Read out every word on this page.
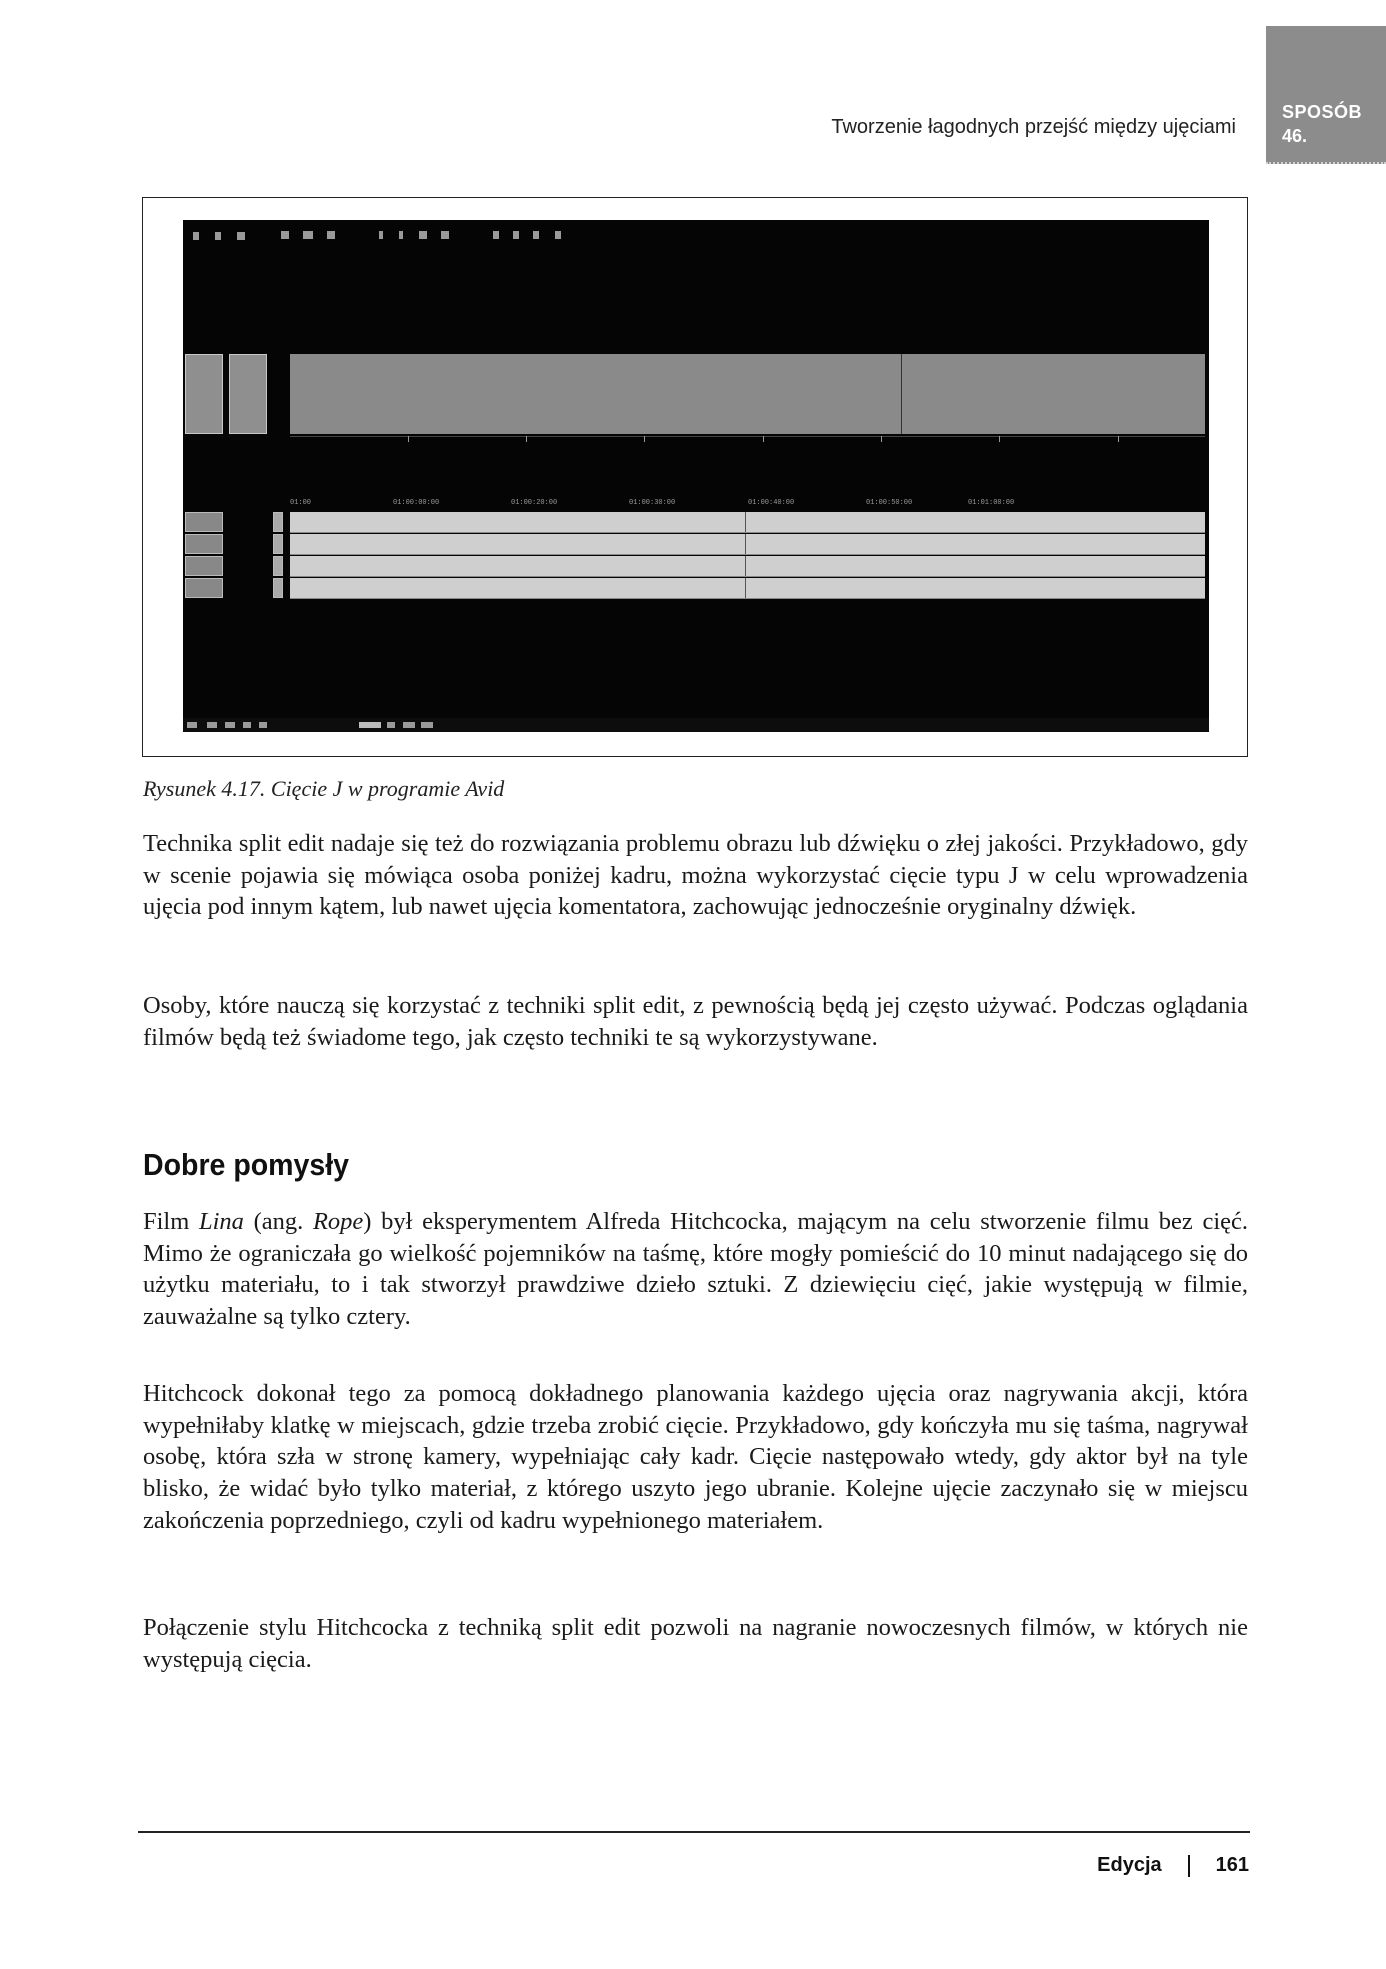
Tworzenie łagodnych przejść między ujęciami
SPOSÓB
46.
01:00	01:00:00:00	01:00:20:00	01:00:30:00	01:00:40:00	01:00:50:00	01:01:00:00
Rysunek 4.17. Cięcie J w programie Avid

Technika split edit nadaje się też do rozwiązania problemu obrazu lub dźwięku o złej jakości. Przykładowo, gdy w scenie pojawia się mówiąca osoba poniżej kadru, można wykorzystać cięcie typu J w celu wprowadzenia ujęcia pod innym kątem, lub nawet ujęcia komentatora, zachowując jednocześnie oryginalny dźwięk.

Osoby, które nauczą się korzystać z techniki split edit, z pewnością będą jej często używać. Podczas oglądania filmów będą też świadome tego, jak często techniki te są wykorzystywane.

Dobre pomysły

Film Lina (ang. Rope) był eksperymentem Alfreda Hitchcocka, mającym na celu stworzenie filmu bez cięć. Mimo że ograniczała go wielkość pojemników na taśmę, które mogły pomieścić do 10 minut nadającego się do użytku materiału, to i tak stworzył prawdziwe dzieło sztuki. Z dziewięciu cięć, jakie występują w filmie, zauważalne są tylko cztery.

Hitchcock dokonał tego za pomocą dokładnego planowania każdego ujęcia oraz nagrywania akcji, która wypełniłaby klatkę w miejscach, gdzie trzeba zrobić cięcie. Przykładowo, gdy kończyła mu się taśma, nagrywał osobę, która szła w stronę kamery, wypełniając cały kadr. Cięcie następowało wtedy, gdy aktor był na tyle blisko, że widać było tylko materiał, z którego uszyto jego ubranie. Kolejne ujęcie zaczynało się w miejscu zakończenia poprzedniego, czyli od kadru wypełnionego materiałem.

Połączenie stylu Hitchcocka z techniką split edit pozwoli na nagranie nowoczesnych filmów, w których nie występują cięcia.

Edycja	161
